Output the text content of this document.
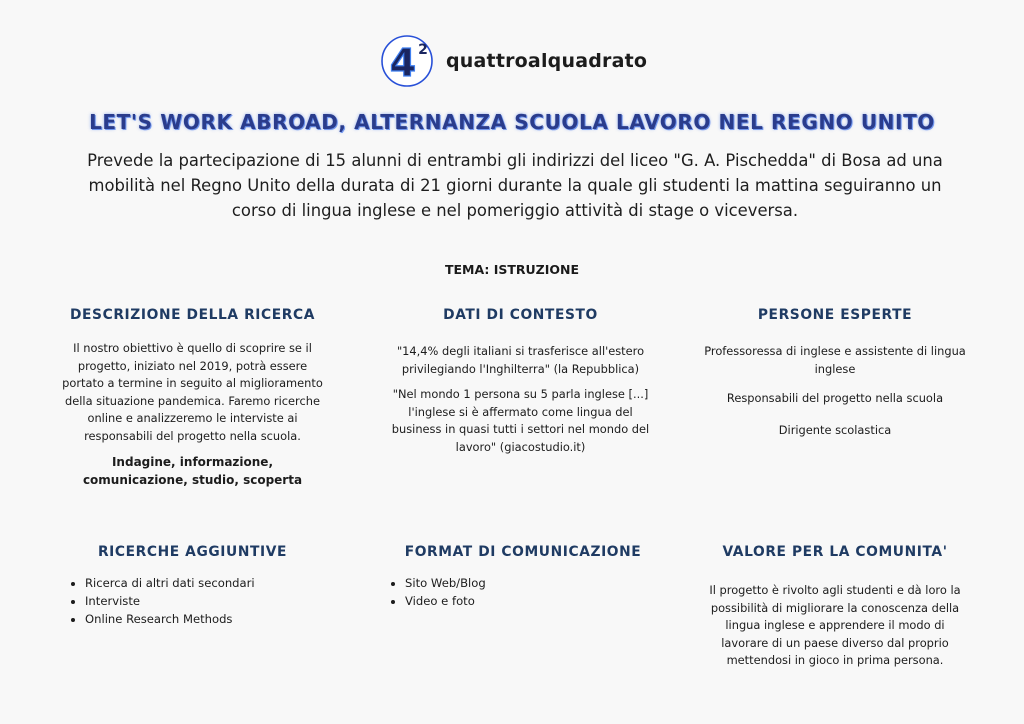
4 2 quattroalquadrato
LET'S WORK ABROAD, ALTERNANZA SCUOLA LAVORO NEL REGNO UNITO
Prevede la partecipazione di 15 alunni di entrambi gli indirizzi del liceo "G. A. Pischedda" di Bosa ad una mobilità nel Regno Unito della durata di 21 giorni durante la quale gli studenti la mattina seguiranno un corso di lingua inglese e nel pomeriggio attività di stage o viceversa.
TEMA: ISTRUZIONE
DESCRIZIONE DELLA RICERCA
Il nostro obiettivo è quello di scoprire se il progetto, iniziato nel 2019, potrà essere portato a termine in seguito al miglioramento della situazione pandemica. Faremo ricerche online e analizzeremo le interviste ai responsabili del progetto nella scuola.
Indagine, informazione, comunicazione, studio, scoperta
DATI DI CONTESTO
"14,4% degli italiani si trasferisce all'estero privilegiando l'Inghilterra" (la Repubblica)
"Nel mondo 1 persona su 5 parla inglese [...]
l'inglese si è affermato come lingua del business in quasi tutti i settori nel mondo del lavoro" (giacostudio.it)
PERSONE ESPERTE
Professoressa di inglese e assistente di lingua inglese
Responsabili del progetto nella scuola
Dirigente scolastica
RICERCHE AGGIUNTIVE
• Ricerca di altri dati secondari
• Interviste
• Online Research Methods
FORMAT DI COMUNICAZIONE
• Sito Web/Blog
• Video e foto
VALORE PER LA COMUNITA'
Il progetto è rivolto agli studenti e dà loro la possibilità di migliorare la conoscenza della lingua inglese e apprendere il modo di lavorare di un paese diverso dal proprio mettendosi in gioco in prima persona.
